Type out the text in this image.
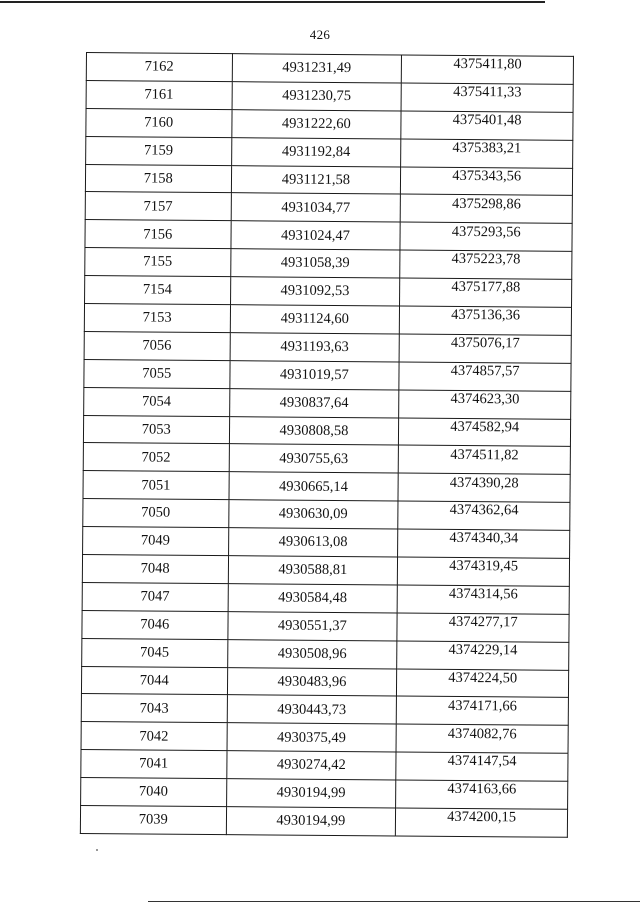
426
7162	4931231,49	4375411,80
7161	4931230,75	4375411,33
7160	4931222,60	4375401,48
7159	4931192,84	4375383,21
7158	4931121,58	4375343,56
7157	4931034,77	4375298,86
7156	4931024,47	4375293,56
7155	4931058,39	4375223,78
7154	4931092,53	4375177,88
7153	4931124,60	4375136,36
7056	4931193,63	4375076,17
7055	4931019,57	4374857,57
7054	4930837,64	4374623,30
7053	4930808,58	4374582,94
7052	4930755,63	4374511,82
7051	4930665,14	4374390,28
7050	4930630,09	4374362,64
7049	4930613,08	4374340,34
7048	4930588,81	4374319,45
7047	4930584,48	4374314,56
7046	4930551,37	4374277,17
7045	4930508,96	4374229,14
7044	4930483,96	4374224,50
7043	4930443,73	4374171,66
7042	4930375,49	4374082,76
7041	4930274,42	4374147,54
7040	4930194,99	4374163,66
7039	4930194,99	4374200,15
